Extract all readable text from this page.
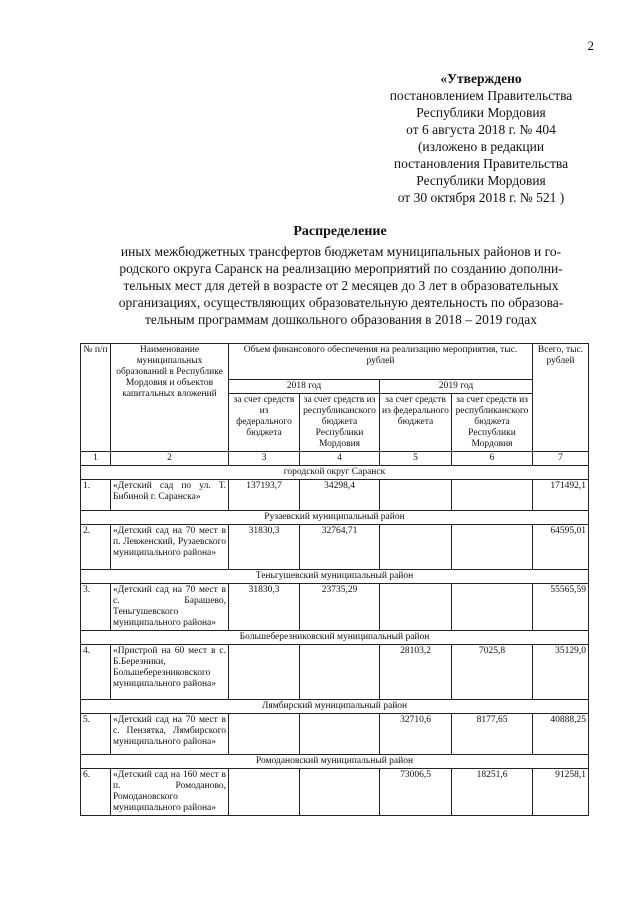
2
«Утверждено
постановлением Правительства
Республики Мордовия
от 6 августа 2018 г. № 404
(изложено в редакции
постановления Правительства
Республики Мордовия
от 30 октября 2018 г. № 521 )
Распределение
иных межбюджетных трансфертов бюджетам муниципальных районов и го-
родского округа Саранск на реализацию мероприятий по созданию дополни-
тельных мест для детей в возрасте от 2 месяцев до 3 лет в образовательных
организациях, осуществляющих образовательную деятельность по образова-
тельным программам дошкольного образования в 2018 – 2019 годах
№ п/п	Наименование муниципальных образований в Республике Мордовия и объектов капитальных вложений	Объем финансового обеспечения на реализацию мероприятия, тыс. рублей				Всего, тыс. рублей
		2018 год		2019 год		
		за счет средств из федерального бюджета	за счет средств из республиканского бюджета Республики Мордовия	за счет средств из федерального бюджета	за счет средств из республиканского бюджета Республики Мордовия	
1	2	3	4	5	6	7
городской округ Саранск						
1.	«Детский сад по ул. Т. Бибиной г. Саранска»	137193,7	34298,4			171492,1
Рузаевский муниципальный район						
2.	«Детский сад на 70 мест в п. Левженский, Рузаевского муниципального района»	31830,3	32764,71			64595,01
Теньгушевский муниципальный район						
3.	«Детский сад на 70 мест в с. Барашево, Теньгушевского муниципального района»	31830,3	23735,29			55565,59
Большеберезниковский муниципальный район						
4.	«Пристрой на 60 мест в с. Б.Березники, Большеберезниковского муниципального района»			28103,2	7025,8	35129,0
Лямбирский муниципальный район						
5.	«Детский сад на 70 мест в с. Пензятка, Лямбирского муниципального района»			32710,6	8177,65	40888,25
Ромодановский муниципальный район						
6.	«Детский сад на 160 мест в п. Ромоданово, Ромодановского муниципального района»			73006,5	18251,6	91258,1
